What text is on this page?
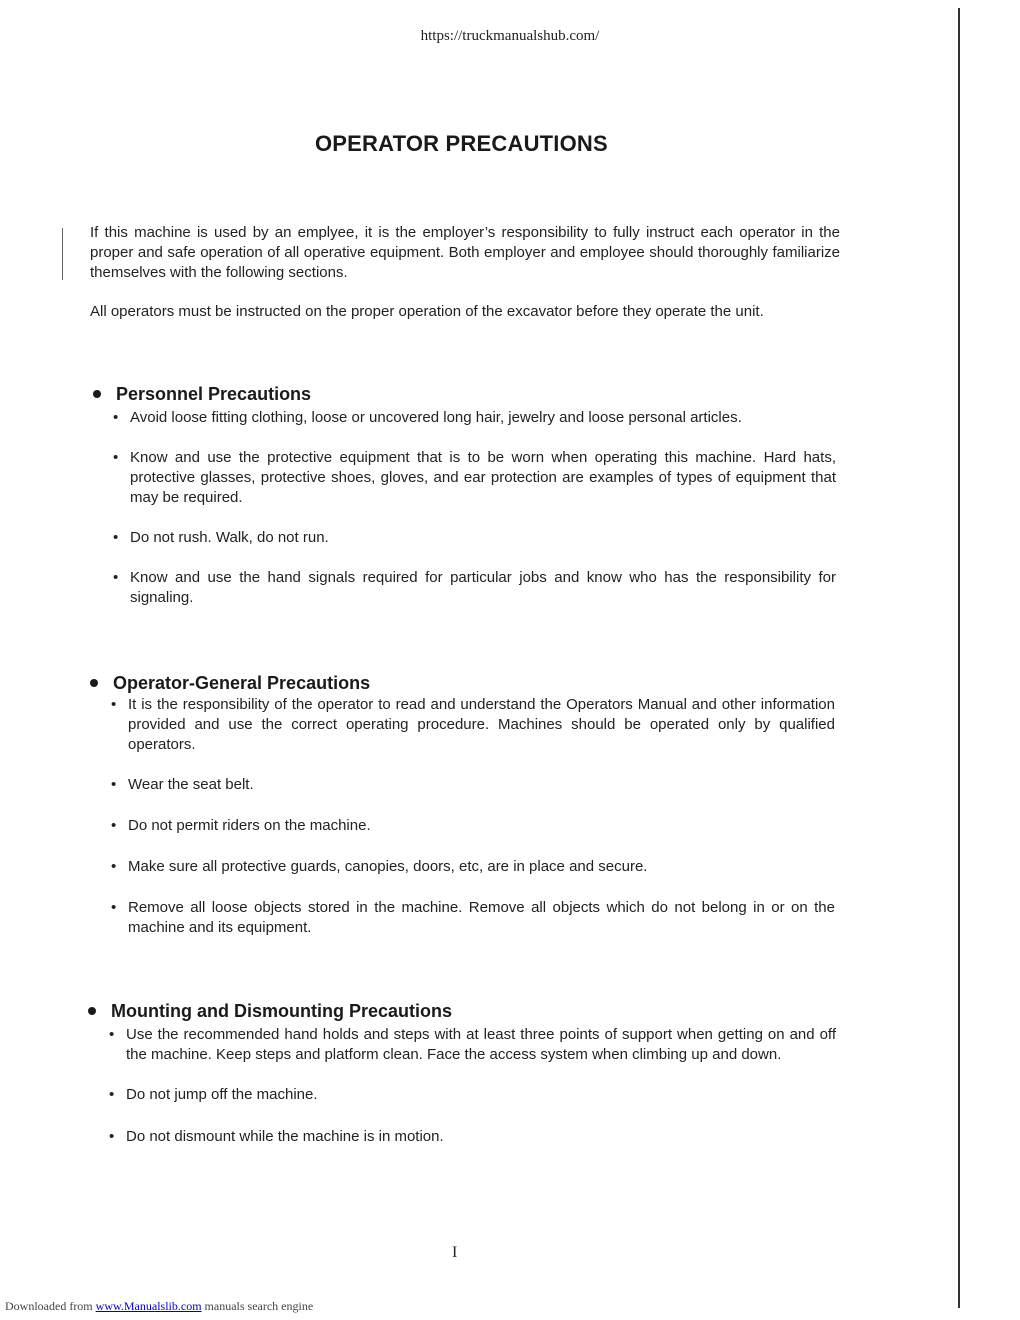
https://truckmanualshub.com/
OPERATOR PRECAUTIONS

If this machine is used by an emplyee, it is the employer’s responsibility to fully instruct each operator in the proper and safe operation of all operative equipment. Both employer and employee should thoroughly familiarize themselves with the following sections.

All operators must be instructed on the proper operation of the excavator before they operate the unit.

Personnel Precautions
• Avoid loose fitting clothing, loose or uncovered long hair, jewelry and loose personal articles.
• Know and use the protective equipment that is to be worn when operating this machine. Hard hats, protective glasses, protective shoes, gloves, and ear protection are examples of types of equipment that may be required.
• Do not rush. Walk, do not run.
• Know and use the hand signals required for particular jobs and know who has the responsibility for signaling.
Operator-General Precautions
• It is the responsibility of the operator to read and understand the Operators Manual and other information provided and use the correct operating procedure. Machines should be operated only by qualified operators.
• Wear the seat belt.
• Do not permit riders on the machine.
• Make sure all protective guards, canopies, doors, etc, are in place and secure.
• Remove all loose objects stored in the machine. Remove all objects which do not belong in or on the machine and its equipment.
Mounting and Dismounting Precautions
• Use the recommended hand holds and steps with at least three points of support when getting on and off the machine. Keep steps and platform clean. Face the access system when climbing up and down.
• Do not jump off the machine.
• Do not dismount while the machine is in motion.
I
Downloaded from www.Manualslib.com manuals search engine
